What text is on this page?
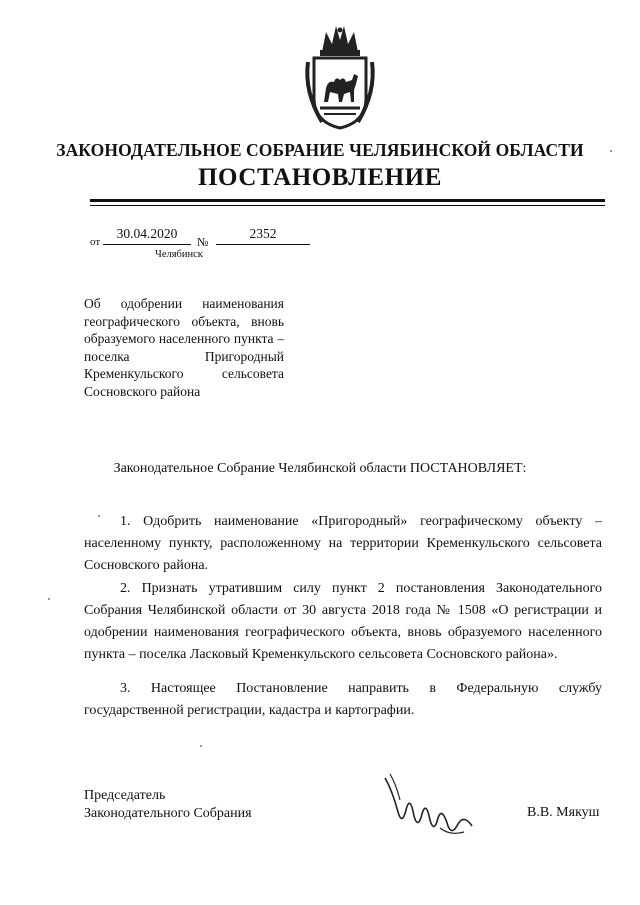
ЗАКОНОДАТЕЛЬНОЕ СОБРАНИЕ ЧЕЛЯБИНСКОЙ ОБЛАСТИ
ПОСТАНОВЛЕНИЕ
от
30.04.2020
№
2352
Челябинск
Об одобрении наименования географического объекта, вновь образуемого населенного пункта – поселка Пригородный Кременкульского сельсовета Сосновского района
Законодательное Собрание Челябинской области ПОСТАНОВЛЯЕТ:
1. Одобрить наименование «Пригородный» географическому объекту – населенному пункту, расположенному на территории Кременкульского сельсовета Сосновского района.
2. Признать утратившим силу пункт 2 постановления Законодательного Собрания Челябинской области от 30 августа 2018 года № 1508 «О регистрации и одобрении наименования географического объекта, вновь образуемого населенного пункта – поселка Ласковый Кременкульского сельсовета Сосновского района».
3. Настоящее Постановление направить в Федеральную службу государственной регистрации, кадастра и картографии.
Председатель
Законодательного Собрания	В.В. Мякуш
